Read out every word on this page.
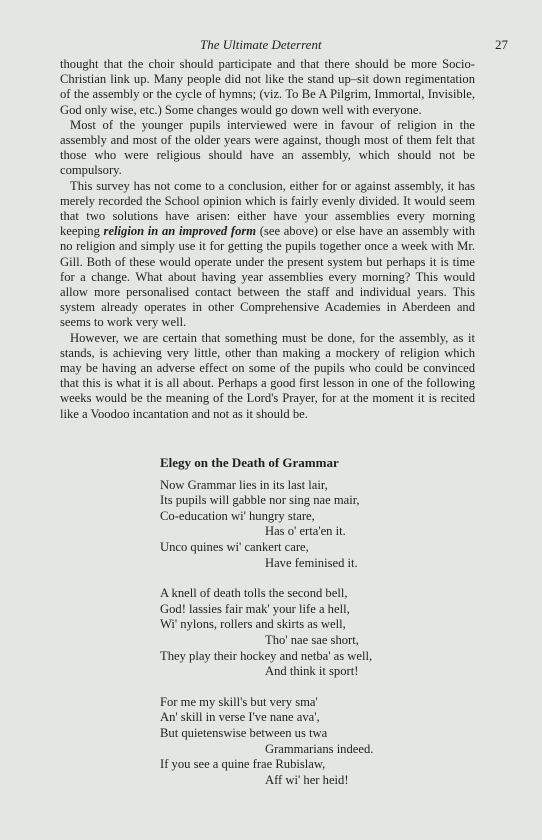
The Ultimate Deterrent	27

thought that the choir should participate and that there should be more Socio-Christian link up. Many people did not like the stand up–sit down regimentation of the assembly or the cycle of hymns; (viz. To Be A Pilgrim, Immortal, Invisible, God only wise, etc.) Some changes would go down well with everyone.

Most of the younger pupils interviewed were in favour of religion in the assembly and most of the older years were against, though most of them felt that those who were religious should have an assembly, which should not be compulsory.

This survey has not come to a conclusion, either for or against assembly, it has merely recorded the School opinion which is fairly evenly divided. It would seem that two solutions have arisen: either have your assemblies every morning keeping religion in an improved form (see above) or else have an assembly with no religion and simply use it for getting the pupils together once a week with Mr. Gill. Both of these would operate under the present system but perhaps it is time for a change. What about having year assemblies every morning? This would allow more personalised contact between the staff and individual years. This system already operates in other Comprehensive Academies in Aberdeen and seems to work very well.

However, we are certain that something must be done, for the assembly, as it stands, is achieving very little, other than making a mockery of religion which may be having an adverse effect on some of the pupils who could be convinced that this is what it is all about. Perhaps a good first lesson in one of the following weeks would be the meaning of the Lord's Prayer, for at the moment it is recited like a Voodoo incantation and not as it should be.

Elegy on the Death of Grammar
Now Grammar lies in its last lair,
Its pupils will gabble nor sing nae mair,
Co-education wi' hungry stare,
Has o' erta'en it.
Unco quines wi' cankert care,
Have feminised it.
A knell of death tolls the second bell,
God! lassies fair mak' your life a hell,
Wi' nylons, rollers and skirts as well,
Tho' nae sae short,
They play their hockey and netba' as well,
And think it sport!
For me my skill's but very sma'
An' skill in verse I've nane ava',
But quietenswise between us twa
Grammarians indeed.
If you see a quine frae Rubislaw,
Aff wi' her heid!
